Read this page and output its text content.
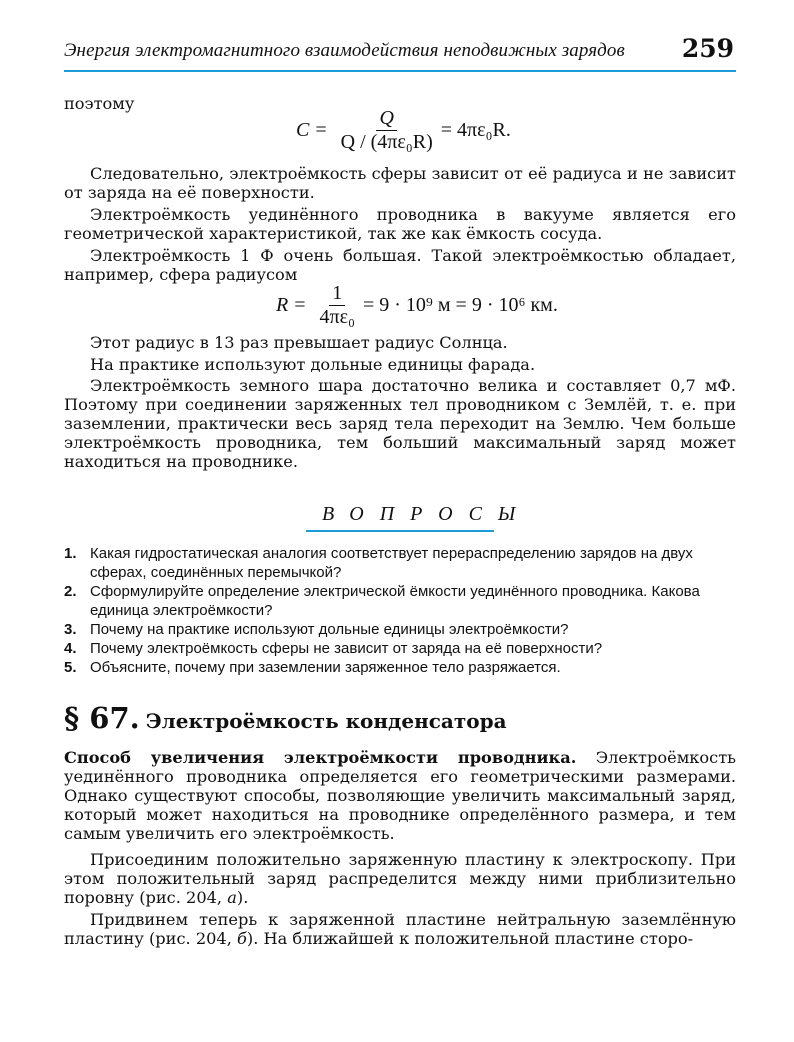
Энергия электромагнитного взаимодействия неподвижных зарядов 259
поэтому
$C = \frac{Q}{\text{Q / (4πε₀R)}} = 4\pi\varepsilon_0R$.
Следовательно, электроёмкость сферы зависит от её радиуса и не зависит от заряда на её поверхности.
Электроёмкость уединённого проводника в вакууме является его геометрической характеристикой, так же как ёмкость сосуда.
Электроёмкость 1 Ф очень большая. Такой электроёмкостью обладает, например, сфера радиусом
$R = \frac{1}{\text{4πε₀}} = 9 \cdot 10^9$ м = 9 · 10⁶ км.
Этот радиус в 13 раз превышает радиус Солнца.
На практике используют дольные единицы фарада.
Электроёмкость земного шара достаточно велика и составляет 0,7 мФ. Поэтому при соединении заряженных тел проводником с Землёй, т. е. при заземлении, практически весь заряд тела переходит на Землю. Чем больше электроёмкость проводника, тем больший максимальный заряд может находиться на проводнике.
ВОПРОСЫ
1. Какая гидростатическая аналогия соответствует перераспределению зарядов на двух сферах, соединённых перемычкой?
2. Сформулируйте определение электрической ёмкости уединённого проводника. Какова единица электроёмкости?
3. Почему на практике используют дольные единицы электроёмкости?
4. Почему электроёмкость сферы не зависит от заряда на её поверхности?
5. Объясните, почему при заземлении заряженное тело разряжается.
§ 67. Электроёмкость конденсатора
Способ увеличения электроёмкости проводника. Электроёмкость уединённого проводника определяется его геометрическими размерами. Однако существуют способы, позволяющие увеличить максимальный заряд, который может находиться на проводнике определённого размера, и тем самым увеличить его электроёмкость.
Присоединим положительно заряженную пластину к электроскопу. При этом положительный заряд распределится между ними приблизительно поровну (рис. 204, а).
Придвинем теперь к заряженной пластине нейтральную заземлённую пластину (рис. 204, б). На ближайшей к положительной пластине сторо-
